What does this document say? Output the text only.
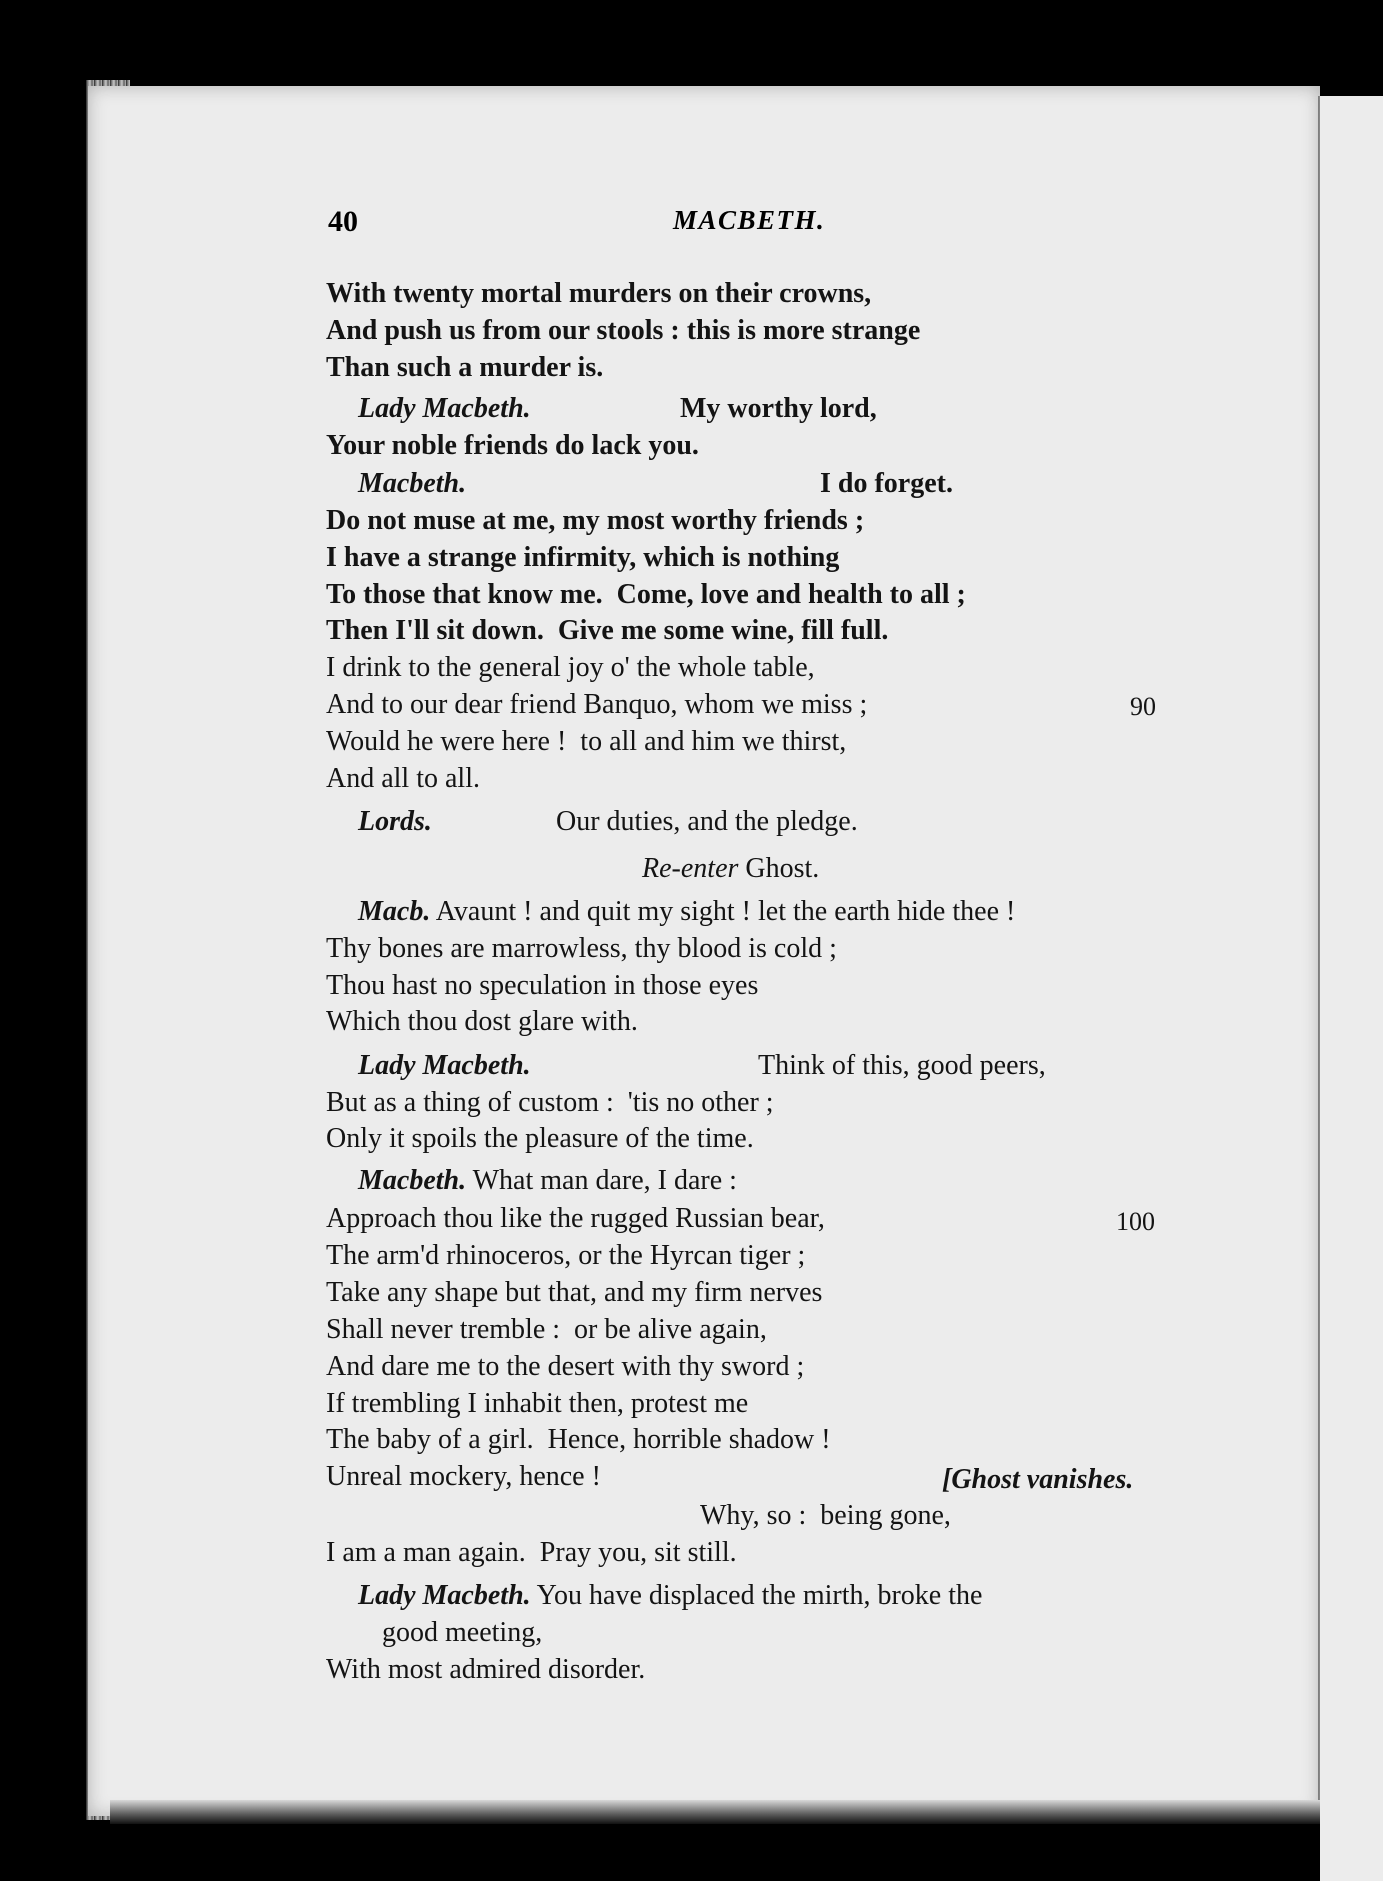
40	MACBETH.
With twenty mortal murders on their crowns,
And push us from our stools : this is more strange
Than such a murder is.
Lady Macbeth.	My worthy lord,
Your noble friends do lack you.
Macbeth.	I do forget.
Do not muse at me, my most worthy friends ;
I have a strange infirmity, which is nothing
To those that know me.  Come, love and health to all ;
Then I'll sit down.  Give me some wine, fill full.
I drink to the general joy o' the whole table,
And to our dear friend Banquo, whom we miss ;	90
Would he were here !  to all and him we thirst,
And all to all.
Lords.	Our duties, and the pledge.
Re-enter Ghost.
Macb. Avaunt ! and quit my sight ! let the earth hide thee !
Thy bones are marrowless, thy blood is cold ;
Thou hast no speculation in those eyes
Which thou dost glare with.
Lady Macbeth.	Think of this, good peers,
But as a thing of custom :  'tis no other ;
Only it spoils the pleasure of the time.
Macbeth. What man dare, I dare :
Approach thou like the rugged Russian bear,	100
The arm'd rhinoceros, or the Hyrcan tiger ;
Take any shape but that, and my firm nerves
Shall never tremble :  or be alive again,
And dare me to the desert with thy sword ;
If trembling I inhabit then, protest me
The baby of a girl.  Hence, horrible shadow !
Unreal mockery, hence !	[Ghost vanishes.
Why, so :  being gone,
I am a man again.  Pray you, sit still.
Lady Macbeth. You have displaced the mirth, broke the
good meeting,
With most admired disorder.
